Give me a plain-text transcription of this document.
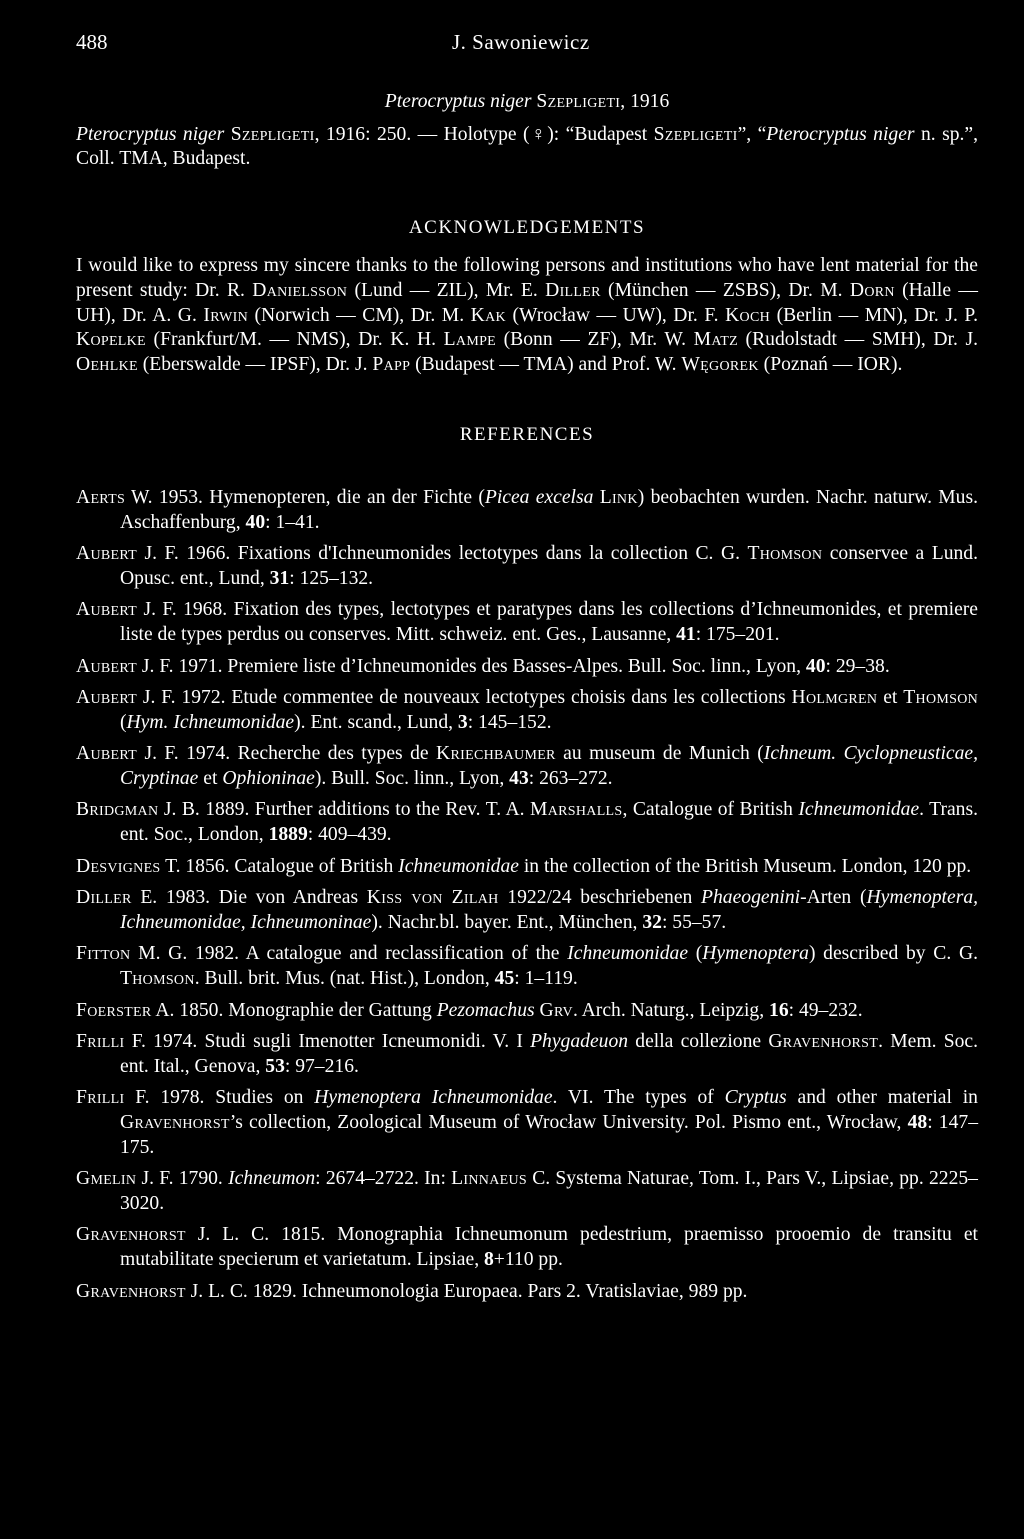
488	J. Sawoniewicz
Pterocryptus niger Szepligeti, 1916

Pterocryptus niger Szepligeti, 1916: 250. — Holotype (♀): “Budapest Szepligeti”, “Pterocryptus niger n. sp.”, Coll. TMA, Budapest.

ACKNOWLEDGEMENTS

I would like to express my sincere thanks to the following persons and institutions who have lent material for the present study: Dr. R. Danielsson (Lund — ZIL), Mr. E. Diller (München — ZSBS), Dr. M. Dorn (Halle — UH), Dr. A. G. Irwin (Norwich — CM), Dr. M. Kak (Wrocław — UW), Dr. F. Koch (Berlin — MN), Dr. J. P. Kopelke (Frankfurt/M. — NMS), Dr. K. H. Lampe (Bonn — ZF), Mr. W. Matz (Rudolstadt — SMH), Dr. J. Oehlke (Eberswalde — IPSF), Dr. J. Papp (Budapest — TMA) and Prof. W. Węgorek (Poznań — IOR).

REFERENCES
Aerts W. 1953. Hymenopteren, die an der Fichte (Picea excelsa Link) beobachten wurden. Nachr. naturw. Mus. Aschaffenburg, 40: 1–41.
Aubert J. F. 1966. Fixations d'Ichneumonides lectotypes dans la collection C. G. Thomson conservee a Lund. Opusc. ent., Lund, 31: 125–132.
Aubert J. F. 1968. Fixation des types, lectotypes et paratypes dans les collections d’Ichneumonides, et premiere liste de types perdus ou conserves. Mitt. schweiz. ent. Ges., Lausanne, 41: 175–201.
Aubert J. F. 1971. Premiere liste d’Ichneumonides des Basses-Alpes. Bull. Soc. linn., Lyon, 40: 29–38.
Aubert J. F. 1972. Etude commentee de nouveaux lectotypes choisis dans les collections Holmgren et Thomson (Hym. Ichneumonidae). Ent. scand., Lund, 3: 145–152.
Aubert J. F. 1974. Recherche des types de Kriechbaumer au museum de Munich (Ichneum. Cyclopneusticae, Cryptinae et Ophioninae). Bull. Soc. linn., Lyon, 43: 263–272.
Bridgman J. B. 1889. Further additions to the Rev. T. A. Marshalls, Catalogue of British Ichneumonidae. Trans. ent. Soc., London, 1889: 409–439.
Desvignes T. 1856. Catalogue of British Ichneumonidae in the collection of the British Museum. London, 120 pp.
Diller E. 1983. Die von Andreas Kiss von Zilah 1922/24 beschriebenen Phaeogenini-Arten (Hymenoptera, Ichneumonidae, Ichneumoninae). Nachr.bl. bayer. Ent., München, 32: 55–57.
Fitton M. G. 1982. A catalogue and reclassification of the Ichneumonidae (Hymenoptera) described by C. G. Thomson. Bull. brit. Mus. (nat. Hist.), London, 45: 1–119.
Foerster A. 1850. Monographie der Gattung Pezomachus Grv. Arch. Naturg., Leipzig, 16: 49–232.
Frilli F. 1974. Studi sugli Imenotter Icneumonidi. V. I Phygadeuon della collezione Gravenhorst. Mem. Soc. ent. Ital., Genova, 53: 97–216.
Frilli F. 1978. Studies on Hymenoptera Ichneumonidae. VI. The types of Cryptus and other material in Gravenhorst’s collection, Zoological Museum of Wrocław University. Pol. Pismo ent., Wrocław, 48: 147–175.
Gmelin J. F. 1790. Ichneumon: 2674–2722. In: Linnaeus C. Systema Naturae, Tom. I., Pars V., Lipsiae, pp. 2225–3020.
Gravenhorst J. L. C. 1815. Monographia Ichneumonum pedestrium, praemisso prooemio de transitu et mutabilitate specierum et varietatum. Lipsiae, 8+110 pp.
Gravenhorst J. L. C. 1829. Ichneumonologia Europaea. Pars 2. Vratislaviae, 989 pp.
